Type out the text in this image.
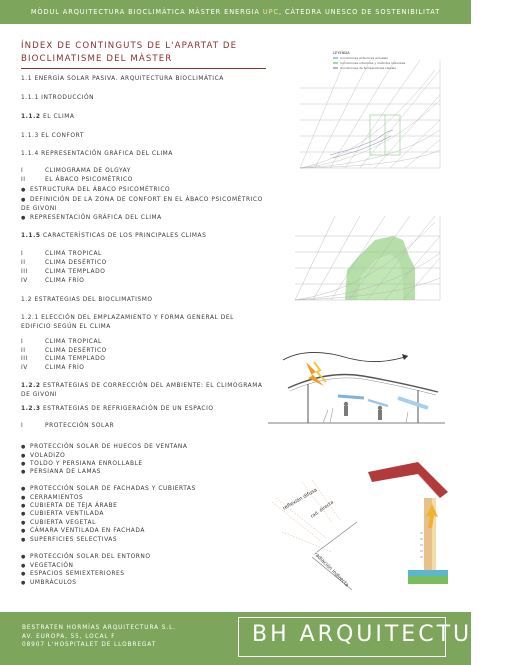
MÒDUL ARQUITECTURA BIOCLIMÀTICA MÀSTER ENERGIA UPC, CÀTEDRA UNESCO DE SOSTENIBILITAT
ÍNDEX DE CONTINGUTS DE L'APARTAT DE BIOCLIMATISME DEL MÀSTER
1.1 ENERGÍA SOLAR PASIVA. ARQUITECTURA BIOCLIMÁTICA
1.1.1 INTRODUCCIÓN
1.1.2 EL CLIMA
1.1.3 EL CONFORT
1.1.4 REPRESENTACIÓN GRÁFICA DEL CLIMA
I	CLIMOGRAMA DE OLGYAY
II	EL ÁBACO PSICOMÉTRICO
● ESTRUCTURA DEL ÁBACO PSICOMÉTRICO
● DEFINICIÓN DE LA ZONA DE CONFORT EN EL ÁBACO PSICOMÉTRICO DE GIVONI
● REPRESENTACIÓN GRÁFICA DEL CLIMA
1.1.5 CARACTERÍSTICAS DE LOS PRINCIPALES CLIMAS
I	CLIMA TROPICAL
II	CLIMA DESÉRTICO
III	CLIMA TEMPLADO
IV	CLIMA FRÍO
1.2 ESTRATEGIAS DEL BIOCLIMATISMO
1.2.1 ELECCIÓN DEL EMPLAZAMIENTO Y FORMA GENERAL DEL EDIFICIO SEGÚN EL CLIMA
I	CLIMA TROPICAL
II	CLIMA DESÉRTICO
III	CLIMA TEMPLADO
IV	CLIMA FRÍO
1.2.2 ESTRATEGIAS DE CORRECCIÓN DEL AMBIENTE: EL CLIMOGRAMA DE GIVONI
1.2.3 ESTRATEGIAS DE REFRIGERACIÓN DE UN ESPACIO
I	PROTECCIÓN SOLAR
● PROTECCIÓN SOLAR DE HUECOS DE VENTANA
● VOLADIZO
● TOLDO Y PERSIANA ENROLLABLE
● PERSIANA DE LAMAS
● PROTECCIÓN SOLAR DE FACHADAS Y CUBIERTAS
● CERRAMIENTOS
● CUBIERTA DE TEJA ÁRABE
● CUBIERTA VENTILADA
● CUBIERTA VEGETAL
● CÁMARA VENTILADA EN FACHADA
● SUPERFICIES SELECTIVAS
● PROTECCIÓN SOLAR DEL ENTORNO
● VEGETACIÓN
● ESPACIOS SEMIEXTERIORES
● UMBRÁCULOS
LEYENDA
Condiciones exteriores actuales
Condiciones interiores y métodos naturales
Condiciones de temperaturas ideales
reflexión difusa
rad. directa
radiación indirecta
BESTRATEN HORMÍAS ARQUITECTURA S.L.
AV. EUROPA, 55, LOCAL F
08907 L'HOSPITALET DE LLOBREGAT	BH ARQUITECTURA
